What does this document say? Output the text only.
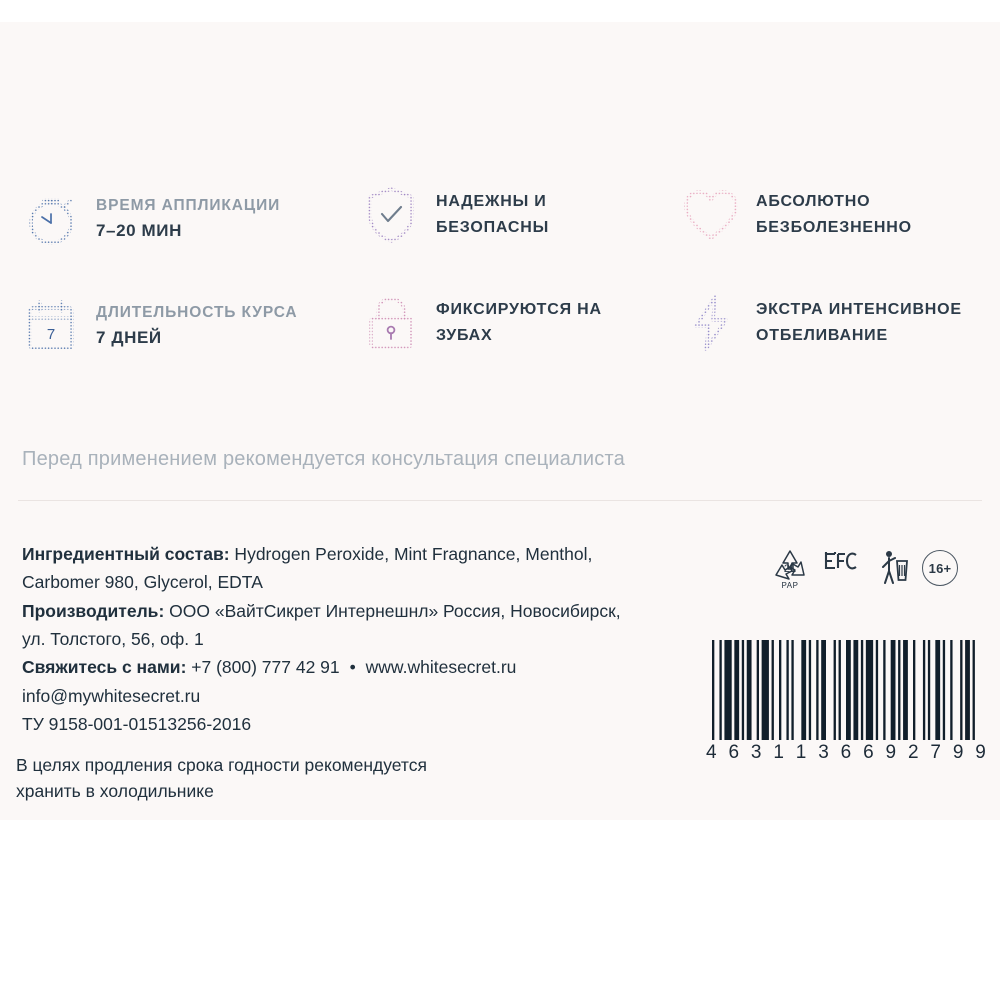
ВРЕМЯ АППЛИКАЦИИ
7–20 МИН
НАДЕЖНЫ И
БЕЗОПАСНЫ
АБСОЛЮТНО
БЕЗБОЛЕЗНЕННО
7
ДЛИТЕЛЬНОСТЬ КУРСА
7 ДНЕЙ
ФИКСИРУЮТСЯ НА
ЗУБАХ
ЭКСТРА ИНТЕНСИВНОЕ
ОТБЕЛИВАНИЕ
Перед применением рекомендуется консультация специалиста

Ингредиентный состав: Hydrogen Peroxide, Mint Fragnance, Menthol,

Carbomer 980, Glycerol, EDTA

Производитель: ООО «ВайтСикрет Интернешнл» Россия, Новосибирск,

ул. Толстого, 56, оф. 1

Свяжитесь с нами: +7 (800) 777 42 91 • www.whitesecret.ru

info@mywhitesecret.ru

ТУ 9158-001-01513256-2016

В целях продления срока годности рекомендуется

хранить в холодильнике

21
PAP
16+
4 6 3 1 1 3 6 6 9 2 7 9 9
